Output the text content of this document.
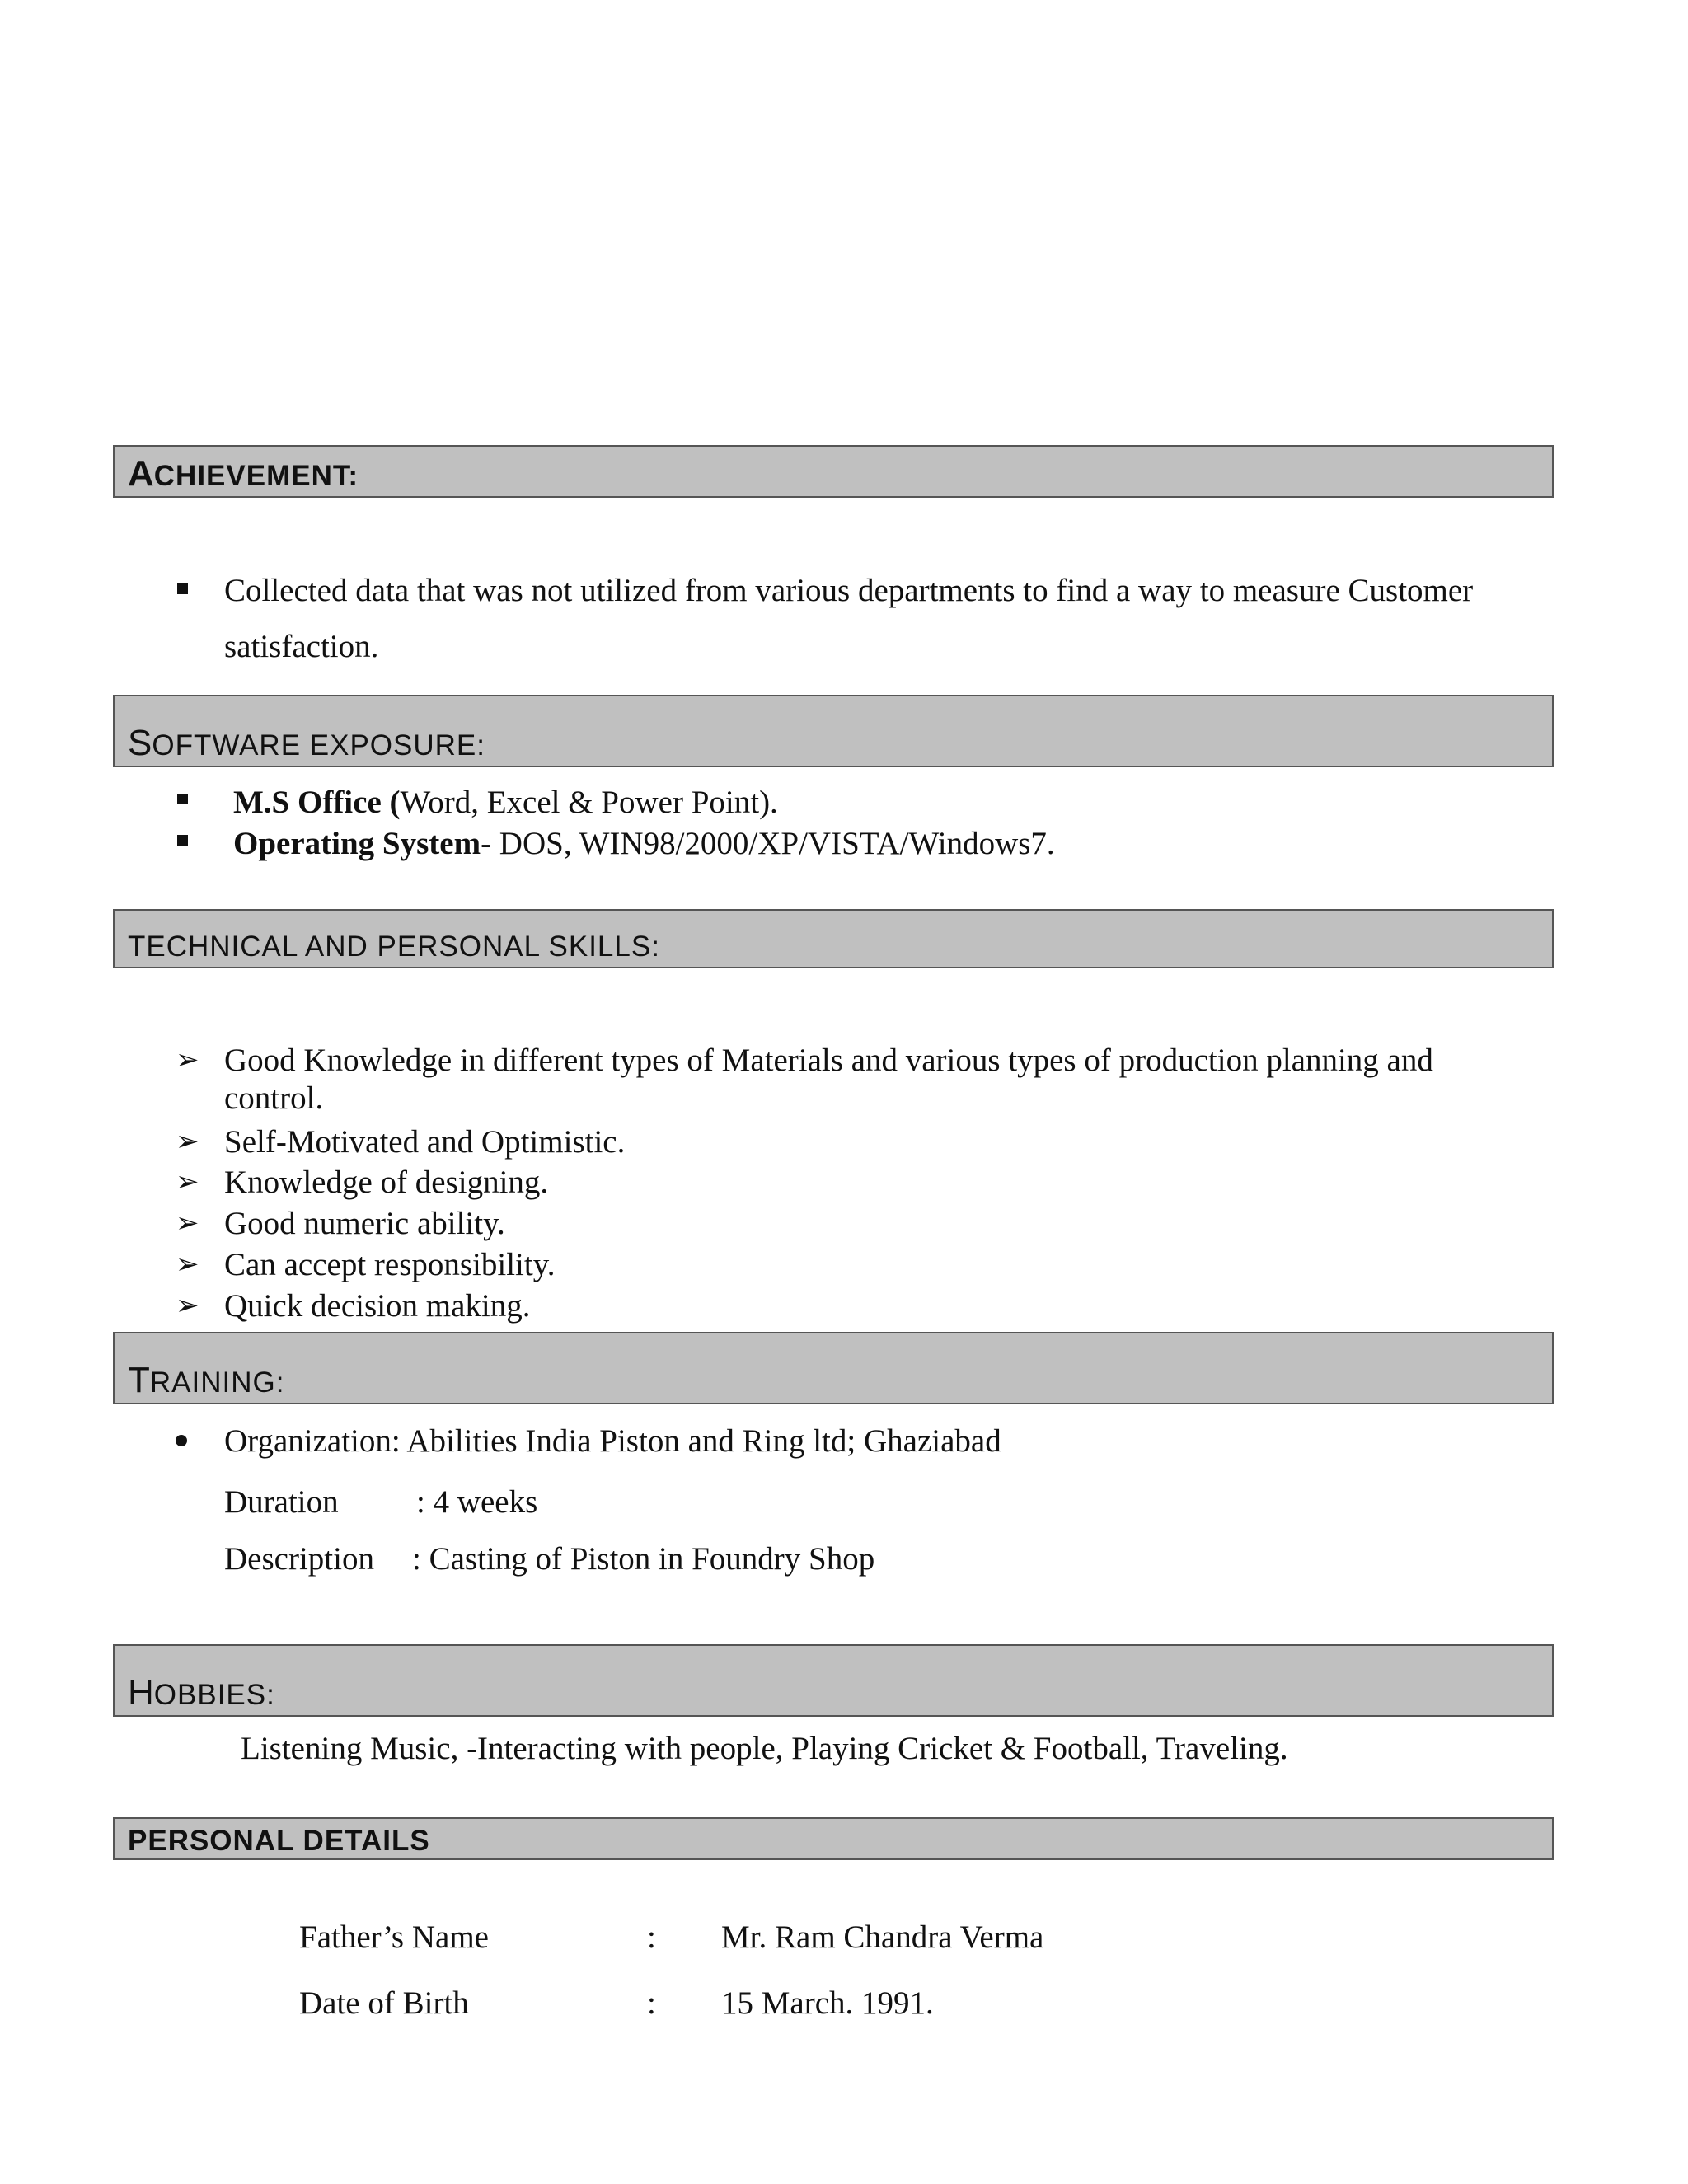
ACHIEVEMENT:
Collected data that was not utilized from various departments to find a way to measure Customer
satisfaction.
SOFTWARE EXPOSURE:
M.S Office (Word, Excel & Power Point).
Operating System- DOS, WIN98/2000/XP/VISTA/Windows7.
TECHNICAL AND PERSONAL SKILLS:
➢ Good Knowledge in different types of Materials and various types of production planning and
control.
➢ Self-Motivated and Optimistic.
➢ Knowledge of designing.
➢ Good numeric ability.
➢ Can accept responsibility.
➢ Quick decision making.
TRAINING:
Organization: Abilities India Piston and Ring ltd; Ghaziabad
Duration : 4 weeks
Description : Casting of Piston in Foundry Shop
HOBBIES:
Listening Music, -Interacting with people, Playing Cricket & Football, Traveling.
PERSONAL DETAILS
Father’s Name	: Mr. Ram Chandra Verma
Date of Birth	: 15 March. 1991.
